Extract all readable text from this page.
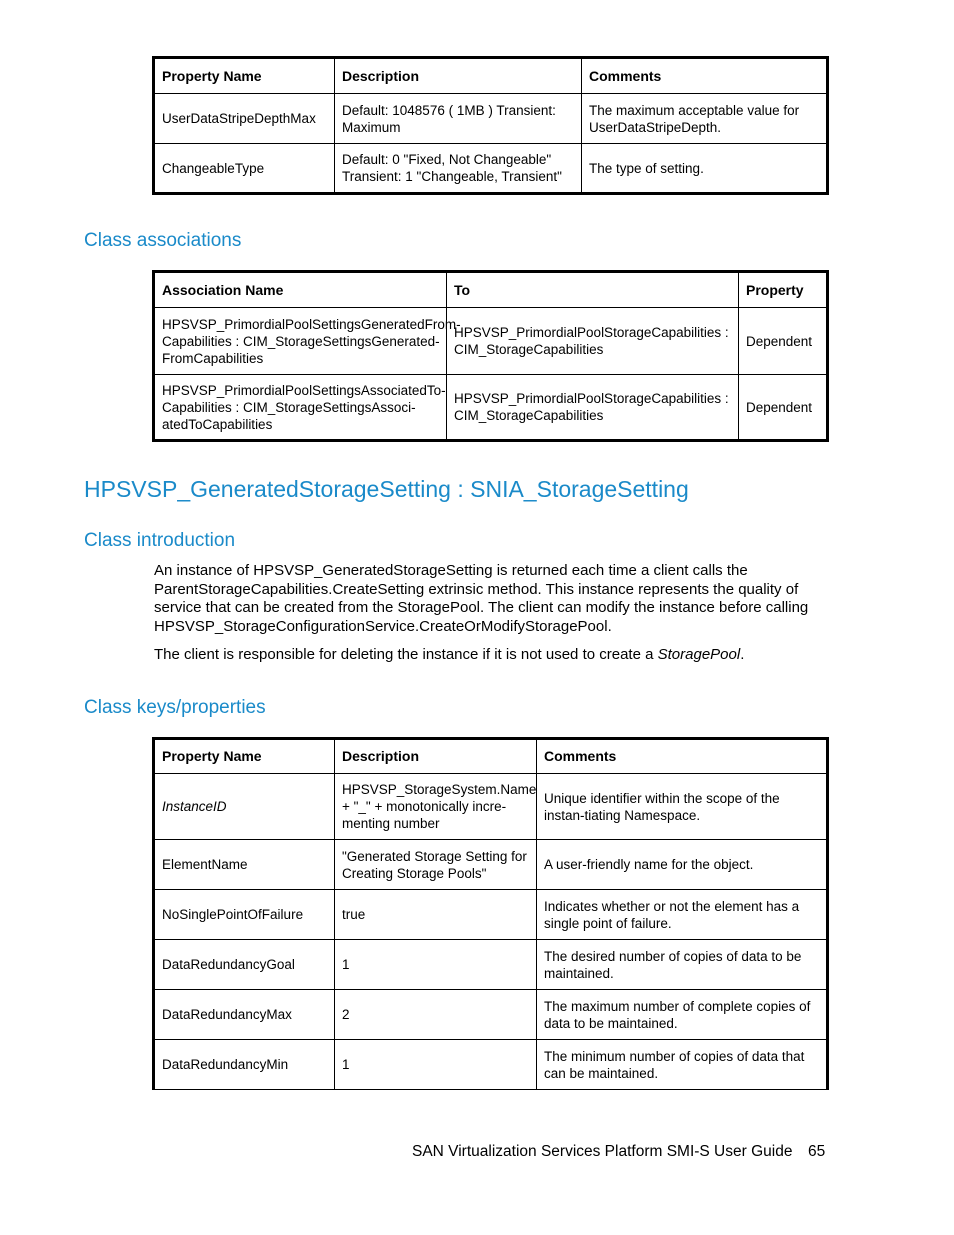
Property Name	Description	Comments
UserDataStripeDepthMax	Default: 1048576 ( 1MB ) Transient: Maximum	The maximum acceptable value for UserDataStripeDepth.
ChangeableType	Default: 0 "Fixed, Not Changeable" Transient: 1 "Changeable, Transient"	The type of setting.
Class associations
Association Name	To	Property
HPSVSP_PrimordialPoolSettingsGeneratedFrom-Capabilities : CIM_StorageSettingsGenerated-FromCapabilities	HPSVSP_PrimordialPoolStorageCapabilities : CIM_StorageCapabilities	Dependent
HPSVSP_PrimordialPoolSettingsAssociatedTo-Capabilities : CIM_StorageSettingsAssoci-atedToCapabilities	HPSVSP_PrimordialPoolStorageCapabilities : CIM_StorageCapabilities	Dependent
HPSVSP_GeneratedStorageSetting : SNIA_StorageSetting
Class introduction

An instance of HPSVSP_GeneratedStorageSetting is returned each time a client calls the ParentStorageCapabilities.CreateSetting extrinsic method. This instance represents the quality of service that can be created from the StoragePool. The client can modify the instance before calling HPSVSP_StorageConfigurationService.CreateOrModifyStoragePool.

The client is responsible for deleting the instance if it is not used to create a StoragePool.

Class keys/properties
Property Name	Description	Comments
InstanceID	HPSVSP_StorageSystem.Name + "_" + monotonically incre-menting number	Unique identifier within the scope of the instan-tiating Namespace.
ElementName	"Generated Storage Setting for Creating Storage Pools"	A user-friendly name for the object.
NoSinglePointOfFailure	true	Indicates whether or not the element has a single point of failure.
DataRedundancyGoal	1	The desired number of copies of data to be maintained.
DataRedundancyMax	2	The maximum number of complete copies of data to be maintained.
DataRedundancyMin	1	The minimum number of copies of data that can be maintained.
SAN Virtualization Services Platform SMI-S User Guide 65
